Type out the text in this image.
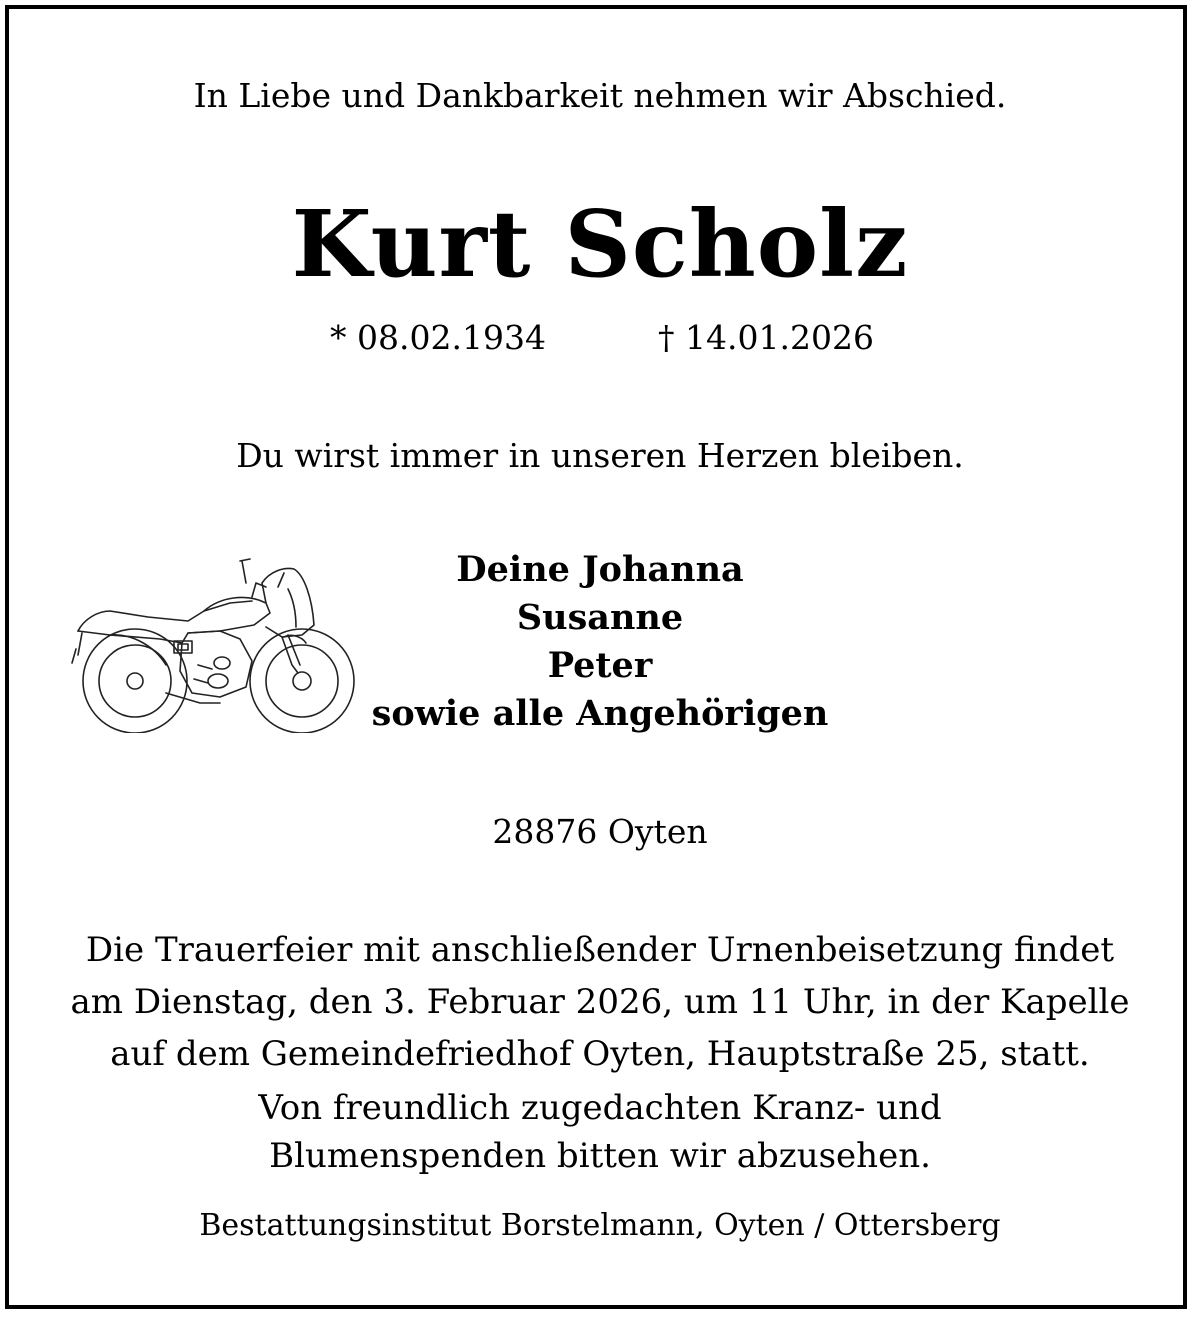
In Liebe und Dankbarkeit nehmen wir Abschied.
Kurt Scholz
* 08.02.1934	† 14.01.2026
Du wirst immer in unseren Herzen bleiben.
Deine Johanna
Susanne
Peter
sowie alle Angehörigen
28876 Oyten
Die Trauerfeier mit anschließender Urnenbeisetzung findet
am Dienstag, den 3. Februar 2026, um 11 Uhr, in der Kapelle
auf dem Gemeindefriedhof Oyten, Hauptstraße 25, statt.
Von freundlich zugedachten Kranz- und
Blumenspenden bitten wir abzusehen.
Bestattungsinstitut Borstelmann, Oyten / Ottersberg
